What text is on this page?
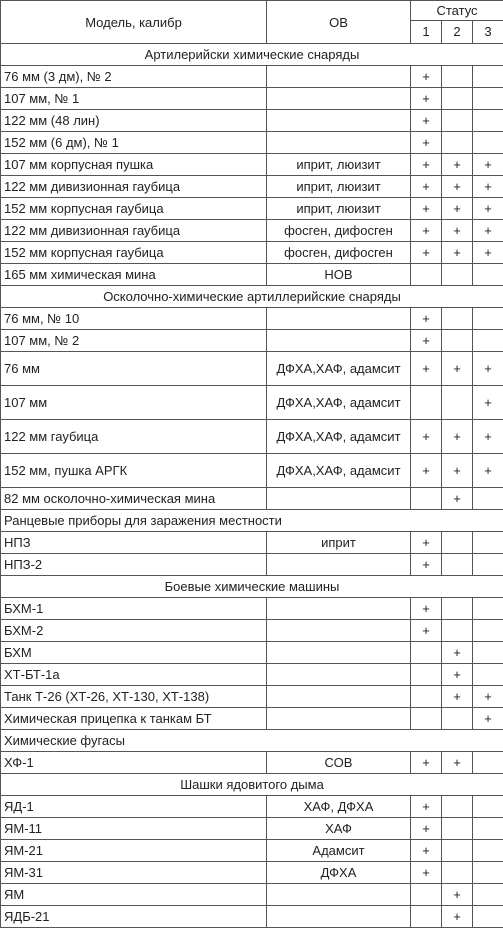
Модель, калибр	ОВ	Статус		
		1	2	3
Артилерийски химические снаряды				
76 мм (3 дм), № 2		+		
107 мм, № 1		+		
122 мм (48 лин)		+		
152 мм (6 дм), № 1		+		
107 мм корпусная пушка	иприт, люизит	+	+	+
122 мм дивизионная гаубица	иприт, люизит	+	+	+
152 мм корпусная гаубица	иприт, люизит	+	+	+
122 мм дивизионная гаубица	фосген, дифосген	+	+	+
152 мм корпусная гаубица	фосген, дифосген	+	+	+
165 мм химическая мина	НОВ			
Осколочно-химические артиллерийские снаряды				
76 мм, № 10		+		
107 мм, № 2		+		
76 мм	ДФХА,ХАФ, адамсит	+	+	+
107 мм	ДФХА,ХАФ, адамсит			+
122 мм гаубица	ДФХА,ХАФ, адамсит	+	+	+
152 мм, пушка АРГК	ДФХА,ХАФ, адамсит	+	+	+
82 мм осколочно-химическая мина			+	
Ранцевые приборы для заражения местности				
НПЗ	иприт	+		
НПЗ-2		+		
Боевые химические машины				
БХМ-1		+		
БХМ-2		+		
БХМ			+	
ХТ-БТ-1а			+	
Танк Т-26 (ХТ-26, ХТ-130, ХТ-138)			+	+
Химическая прицепка к танкам БТ				+
Химические фугасы				
ХФ-1	СОВ	+	+	
Шашки ядовитого дыма				
ЯД-1	ХАФ, ДФХА	+		
ЯМ-11	ХАФ	+		
ЯМ-21	Адамсит	+		
ЯМ-31	ДФХА	+		
ЯМ			+	
ЯДБ-21			+	
